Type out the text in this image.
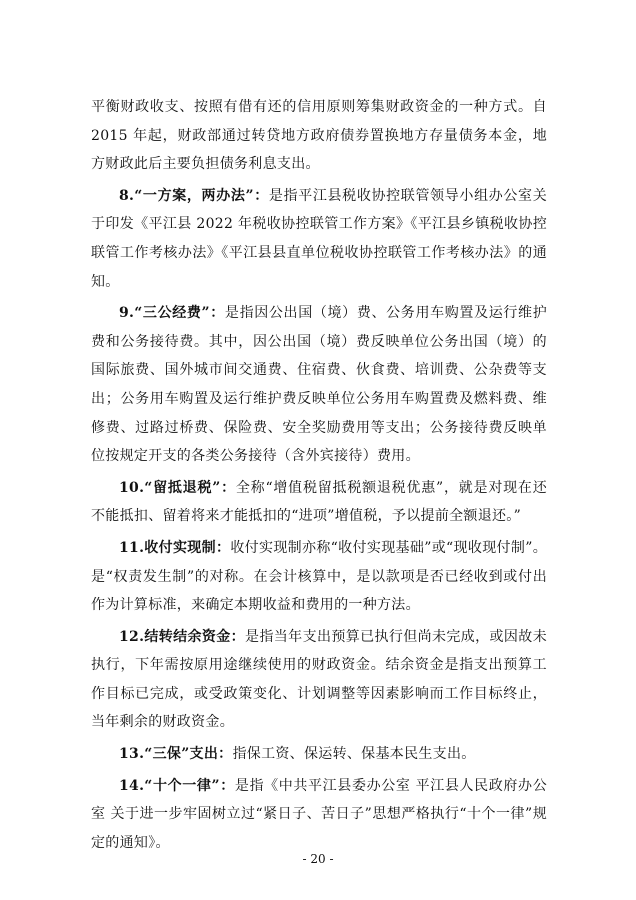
平衡财政收支、按照有借有还的信用原则筹集财政资金的一种方式。自 2015 年起，财政部通过转贷地方政府债券置换地方存量债务本金，地方财政此后主要负担债务利息支出。

8.“一方案，两办法”：是指平江县税收协控联管领导小组办公室关于印发《平江县 2022 年税收协控联管工作方案》《平江县乡镇税收协控联管工作考核办法》《平江县县直单位税收协控联管工作考核办法》的通知。

9.“三公经费”：是指因公出国（境）费、公务用车购置及运行维护费和公务接待费。其中，因公出国（境）费反映单位公务出国（境）的国际旅费、国外城市间交通费、住宿费、伙食费、培训费、公杂费等支出；公务用车购置及运行维护费反映单位公务用车购置费及燃料费、维修费、过路过桥费、保险费、安全奖励费用等支出；公务接待费反映单位按规定开支的各类公务接待（含外宾接待）费用。

10.“留抵退税”：全称“增值税留抵税额退税优惠”，就是对现在还不能抵扣、留着将来才能抵扣的“进项”增值税，予以提前全额退还。”

11.收付实现制：收付实现制亦称“收付实现基础”或“现收现付制”。是“权责发生制”的对称。在会计核算中，是以款项是否已经收到或付出作为计算标准，来确定本期收益和费用的一种方法。

12.结转结余资金：是指当年支出预算已执行但尚未完成，或因故未执行，下年需按原用途继续使用的财政资金。结余资金是指支出预算工作目标已完成，或受政策变化、计划调整等因素影响而工作目标终止，当年剩余的财政资金。

13.“三保”支出：指保工资、保运转、保基本民生支出。

14.“十个一律”：是指《中共平江县委办公室 平江县人民政府办公室 关于进一步牢固树立过“紧日子、苦日子”思想严格执行“十个一律”规定的通知》。

- 20 -
